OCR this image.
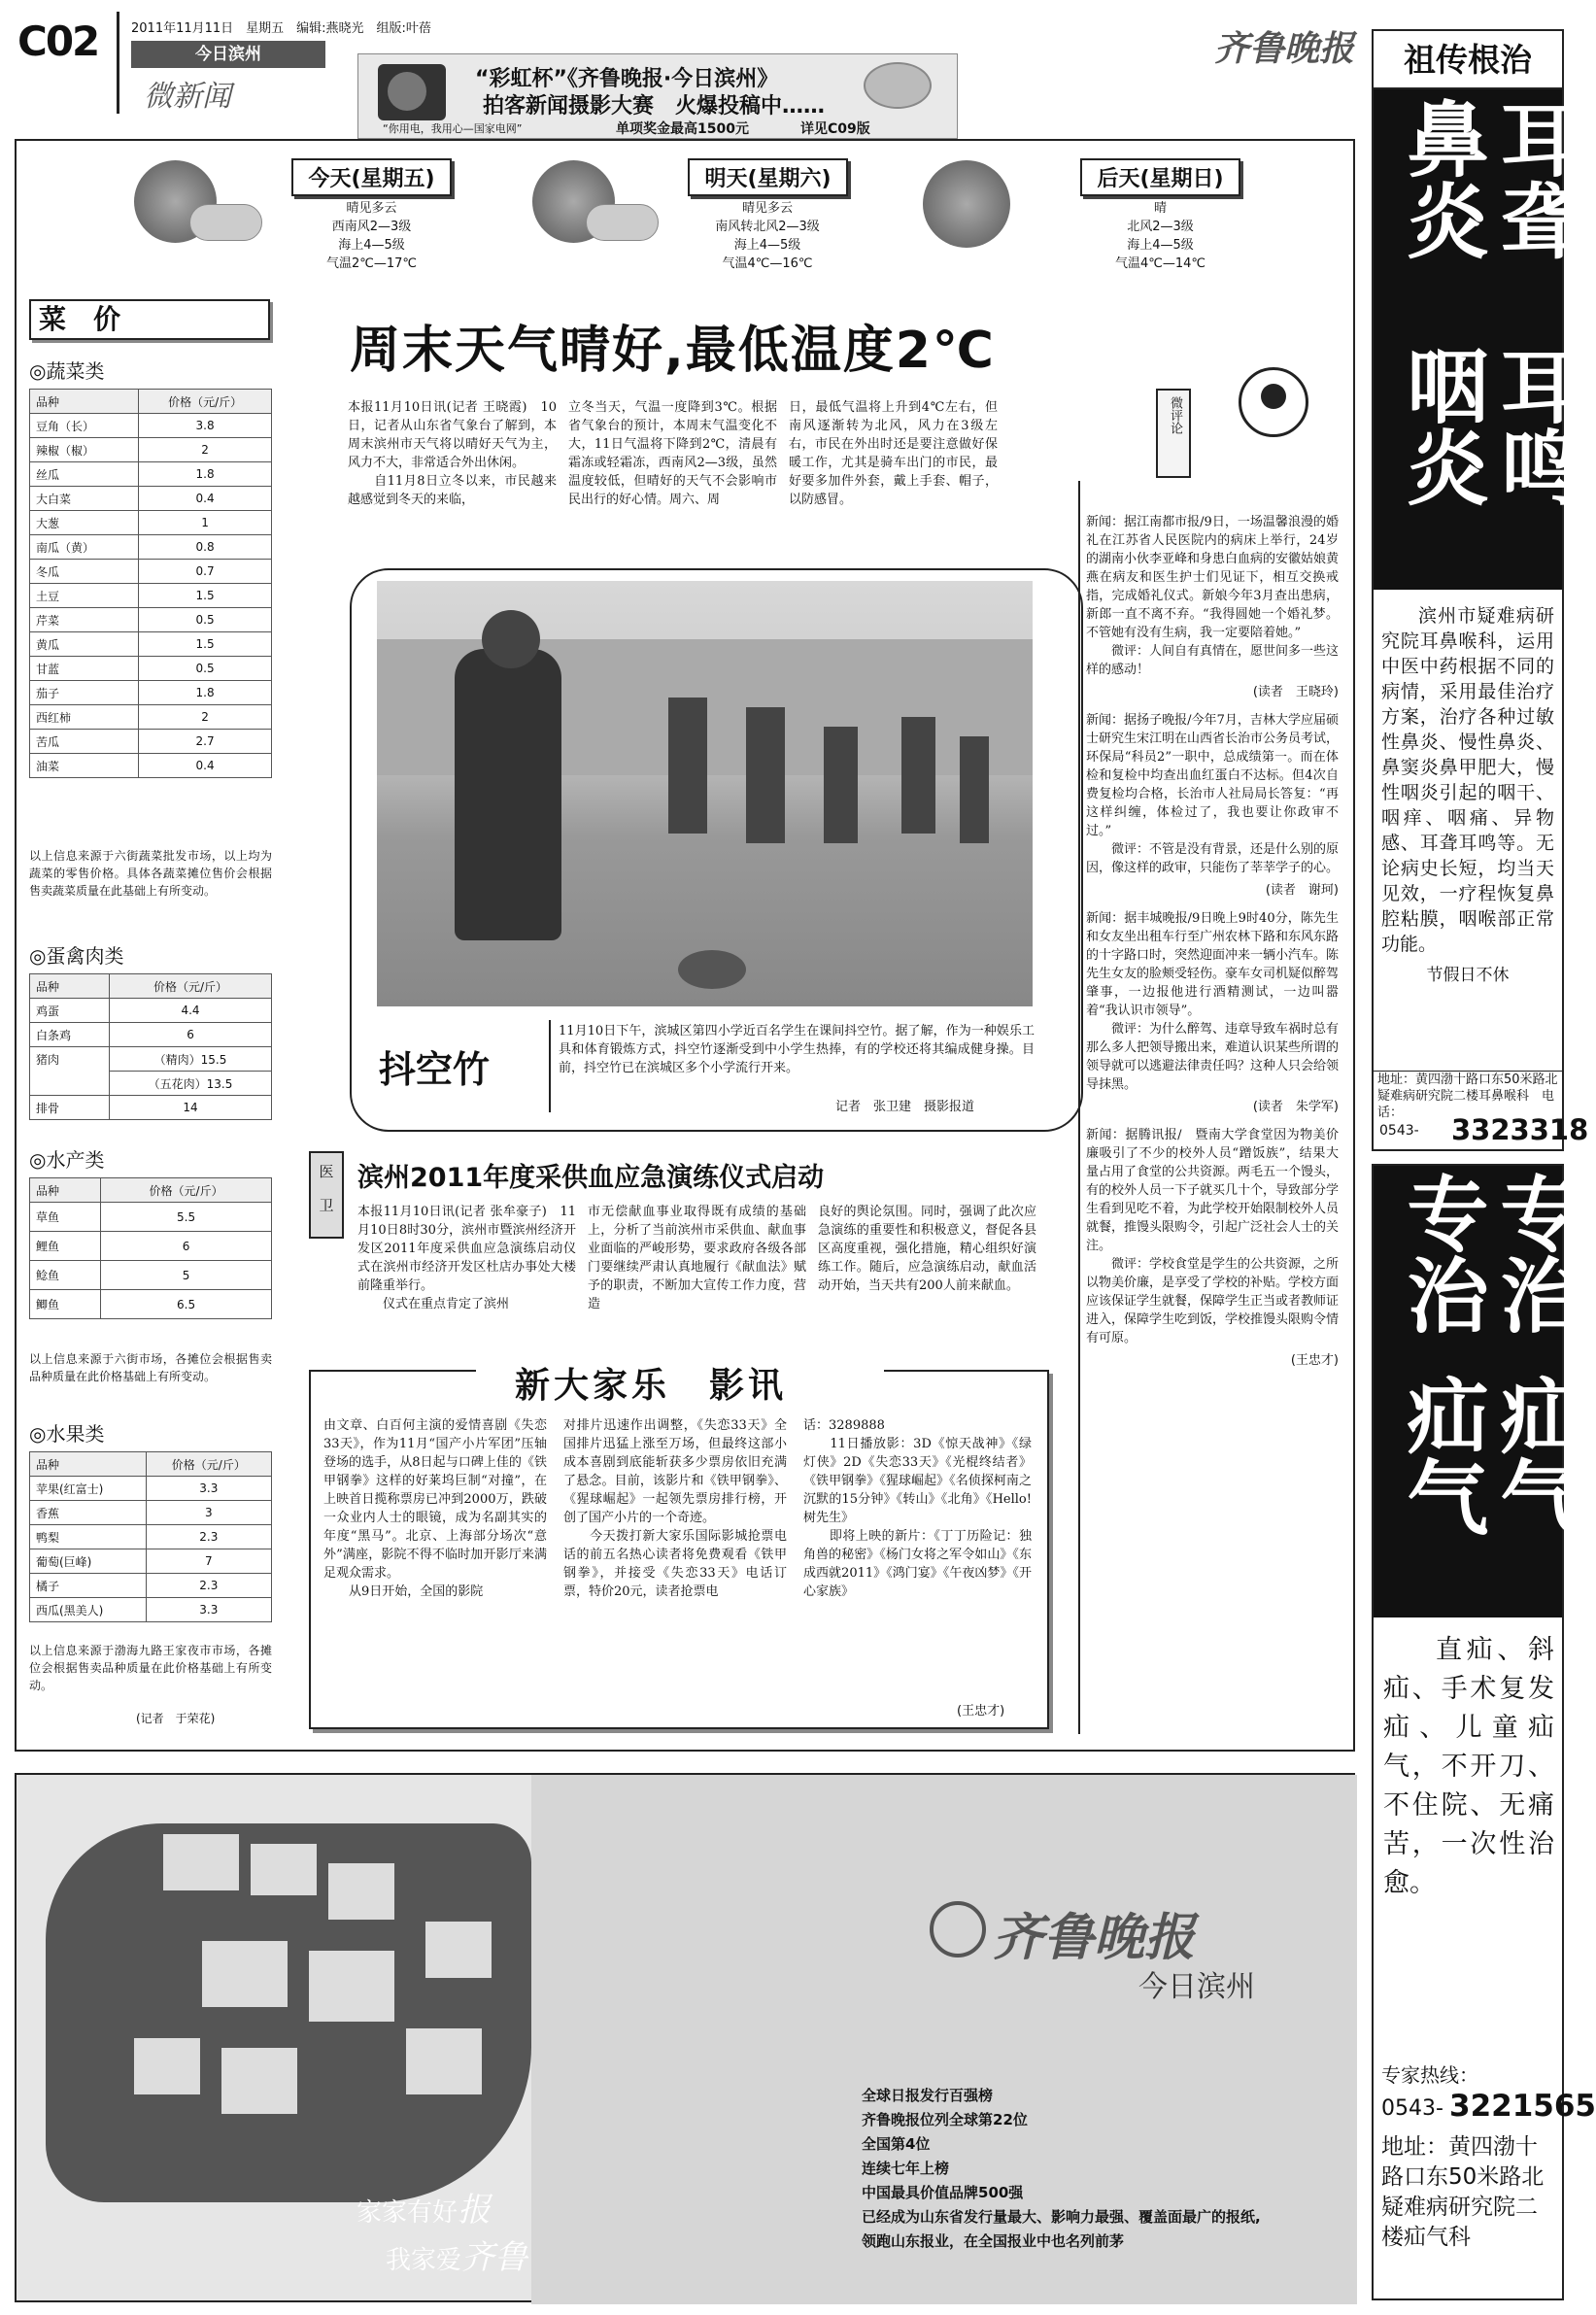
C02	2011年11月11日　星期五　编辑:燕晓光　组版:叶蓓
今日滨州
微新闻
“彩虹杯”《齐鲁晚报·今日滨州》
拍客新闻摄影大赛　火爆投稿中……
“你用电，我用心—国家电网”	单项奖金最高1500元	详见C09版
齐鲁晚报
今天(星期五)
晴见多云
西南风2—3级
海上4—5级
气温2℃—17℃
明天(星期六)
晴见多云
南风转北风2—3级
海上4—5级
气温4℃—16℃
后天(星期日)
晴
北风2—3级
海上4—5级
气温4℃—14℃
菜　价
◎蔬菜类
品种	价格（元/斤）
豆角（长）	3.8
辣椒（椒）	2
丝瓜	1.8
大白菜	0.4
大葱	1
南瓜（黄）	0.8
冬瓜	0.7
土豆	1.5
芹菜	0.5
黄瓜	1.5
甘蓝	0.5
茄子	1.8
西红柿	2
苦瓜	2.7
油菜	0.4
以上信息来源于六街蔬菜批发市场，以上均为蔬菜的零售价格。具体各蔬菜摊位售价会根据售卖蔬菜质量在此基础上有所变动。
◎蛋禽肉类
品种	价格（元/斤）
鸡蛋	4.4
白条鸡	6
猪肉	（精肉）15.5
	（五花肉）13.5
排骨	14
◎水产类
品种	价格（元/斤）
草鱼	5.5
鲤鱼	6
鲶鱼	5
鲫鱼	6.5
以上信息来源于六街市场，各摊位会根据售卖品种质量在此价格基础上有所变动。
◎水果类
品种	价格（元/斤）
苹果(红富士)	3.3
香蕉	3
鸭梨	2.3
葡萄(巨峰)	7
橘子	2.3
西瓜(黑美人)	3.3
以上信息来源于渤海九路王家夜市市场，各摊位会根据售卖品种质量在此价格基础上有所变动。
(记者　于荣花)
周末天气晴好,最低温度2℃
本报11月10日讯(记者 王晓霞)　10日，记者从山东省气象台了解到，本周末滨州市天气将以晴好天气为主，风力不大，非常适合外出休闲。
　　自11月8日立冬以来，市民越来越感觉到冬天的来临，
立冬当天，气温一度降到3℃。根据省气象台的预计，本周末气温变化不大，11日气温将下降到2℃，清晨有霜冻或轻霜冻，西南风2—3级，虽然温度较低，但晴好的天气不会影响市民出行的好心情。周六、周
日，最低气温将上升到4℃左右，但南风逐渐转为北风，风力在3级左右，市民在外出时还是要注意做好保暖工作，尤其是骑车出门的市民，最好要多加件外套，戴上手套、帽子，以防感冒。
微评论
抖空竹
11月10日下午，滨城区第四小学近百名学生在课间抖空竹。据了解，作为一种娱乐工具和体育锻炼方式，抖空竹逐渐受到中小学生热捧，有的学校还将其编成健身操。目前，抖空竹已在滨城区多个小学流行开来。
记者　张卫建　摄影报道
医
卫
滨州2011年度采供血应急演练仪式启动
本报11月10日讯(记者 张牟豪子)　11月10日8时30分，滨州市暨滨州经济开发区2011年度采供血应急演练启动仪式在滨州市经济开发区杜店办事处大楼前隆重举行。
　　仪式在重点肯定了滨州
市无偿献血事业取得既有成绩的基础上，分析了当前滨州市采供血、献血事业面临的严峻形势，要求政府各级各部门要继续严肃认真地履行《献血法》赋予的职责，不断加大宣传工作力度，营造
良好的舆论氛围。同时，强调了此次应急演练的重要性和积极意义，督促各县区高度重视，强化措施，精心组织好演练工作。随后，应急演练启动，献血活动开始，当天共有200人前来献血。
新大家乐　影讯
由文章、白百何主演的爱情喜剧《失恋33天》，作为11月“国产小片军团”压轴登场的选手，从8日起与口碑上佳的《铁甲钢拳》这样的好莱坞巨制“对撞”，在上映首日揽称票房已冲到2000万，跌破一众业内人士的眼镜，成为名副其实的年度“黑马”。北京、上海部分场次“意外”满座，影院不得不临时加开影厅来满足观众需求。
　　从9日开始，全国的影院
对排片迅速作出调整，《失恋33天》全国排片迅猛上涨至万场，但最终这部小成本喜剧到底能斩获多少票房依旧充满了悬念。目前，该影片和《铁甲钢拳》、《猩球崛起》一起领先票房排行榜，开创了国产小片的一个奇迹。
　　今天拨打新大家乐国际影城抢票电话的前五名热心读者将免费观看《铁甲钢拳》，并接受《失恋33天》电话订票，特价20元，读者抢票电
话：3289888
　　11日播放影：3D《惊天战神》《绿灯侠》2D《失恋33天》《光棍终结者》《铁甲钢拳》《猩球崛起》《名侦探柯南之沉默的15分钟》《转山》《北角》《Hello!树先生》
　　即将上映的新片：《丁丁历险记：独角兽的秘密》《杨门女将之军令如山》《东成西就2011》《鸿门宴》《午夜凶梦》《开心家族》
(王忠才)
新闻：据江南都市报/9日，一场温馨浪漫的婚礼在江苏省人民医院内的病床上举行，24岁的湖南小伙李亚峰和身患白血病的安徽姑娘黄燕在病友和医生护士们见证下，相互交换戒指，完成婚礼仪式。新娘今年3月查出患病，新郎一直不离不弃。“我得圆她一个婚礼梦。不管她有没有生病，我一定要陪着她。”
　　微评：人间自有真情在，愿世间多一些这样的感动！
(读者　王晓玲)
新闻：据扬子晚报/今年7月，吉林大学应届硕士研究生宋江明在山西省长治市公务员考试，环保局“科员2”一职中，总成绩第一。而在体检和复检中均查出血红蛋白不达标。但4次自费复检均合格，长治市人社局局长答复：“再这样纠缠，体检过了，我也要让你政审不过。”
　　微评：不管是没有背景，还是什么别的原因，像这样的政审，只能伤了莘莘学子的心。
(读者　谢珂)
新闻：据丰城晚报/9日晚上9时40分，陈先生和女友坐出租车行至广州农林下路和东风东路的十字路口时，突然迎面冲来一辆小汽车。陈先生女友的脸颊受轻伤。豪车女司机疑似醉驾肇事，一边报他进行酒精测试，一边叫嚣着“我认识市领导”。
　　微评：为什么醉驾、违章导致车祸时总有那么多人把领导搬出来，难道认识某些所谓的领导就可以逃避法律责任吗？这种人只会给领导抹黑。
(读者　朱学军)
新闻：据腾讯报/　暨南大学食堂因为物美价廉吸引了不少的校外人员“蹭饭族”，结果大量占用了食堂的公共资源。两毛五一个馒头，有的校外人员一下子就买几十个，导致部分学生看到见吃不着，为此学校开始限制校外人员就餐，推馒头限购令，引起广泛社会人士的关注。
　　微评：学校食堂是学生的公共资源，之所以物美价廉，是享受了学校的补贴。学校方面应该保证学生就餐，保障学生正当或者教师证进入，保障学生吃到饭，学校推馒头限购令情有可原。
(王忠才)
祖传根治
耳聋
耳鸣
鼻炎
咽炎
滨州市疑难病研究院耳鼻喉科，运用中医中药根据不同的病情，采用最佳治疗方案，治疗各种过敏性鼻炎、慢性鼻炎、鼻窦炎鼻甲肥大，慢性咽炎引起的咽干、咽痒、咽痛、异物感、耳聋耳鸣等。无论病史长短，均当天见效，一疗程恢复鼻腔粘膜，咽喉部正常功能。
节假日不休
地址：黄四渤十路口东50米路北疑难病研究院二楼耳鼻喉科　电话：
0543- 3323318
专治
疝气
专治
疝气
直疝、斜疝、手术复发疝、儿童疝气，不开刀、不住院、无痛苦，一次性治愈。
专家热线：
0543- 3221565
地址：黄四渤十路口东50米路北疑难病研究院二楼疝气科
家家有好报
我家爱齐鲁
齐鲁晚报
今日滨州
全球日报发行百强榜
齐鲁晚报位列全球第22位
全国第4位
连续七年上榜
中国最具价值品牌500强
已经成为山东省发行量最大、影响力最强、覆盖面最广的报纸,
领跑山东报业，在全国报业中也名列前茅
